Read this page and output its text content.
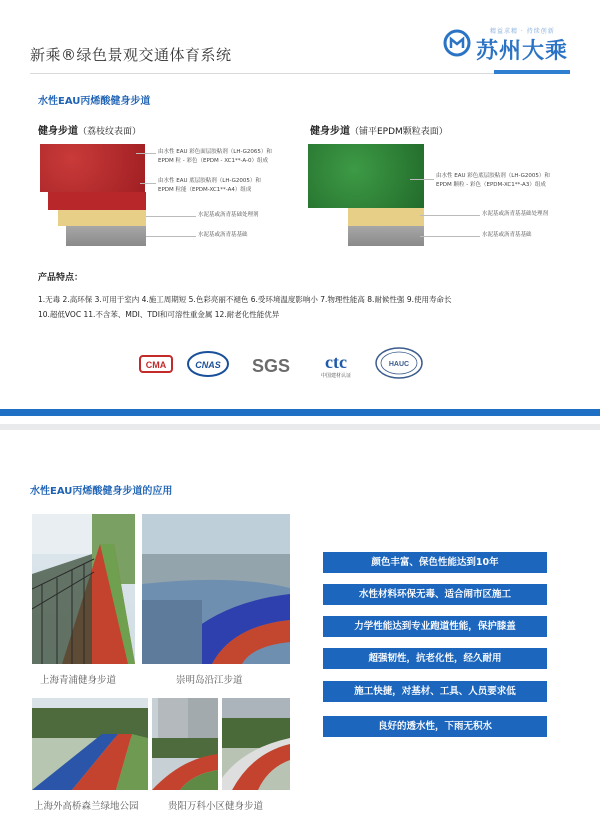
新乘®绿色景观交通体育系统
精益求精 · 持续创新
苏州大乘
水性EAU丙烯酸健身步道
健身步道（荔枝纹表面）
由水性 EAU 彩色面层胶粘剂（LH-G2065）和
EPDM 粒 - 彩色（EPDM - XC1**-A-0）组成
由水性 EAU 底层胶粘剂（LH-G2005）和
EPDM 粒能（EPDM-XC1**-A4）组成
水泥基或沥青基础处理剂
水泥基或沥青基基础
健身步道（铺平EPDM颗粒表面）
由水性 EAU 彩色底层胶粘剂（LH-G2005）和
EPDM 颗粒 - 彩色（EPDM-XC1**-A3）组成
水泥基或沥青基基础处理剂
水泥基或沥青基基础
产品特点：
1.无毒 2.高环保 3.可用于室内 4.施工周期短 5.色彩亮丽不褪色 6.受环境温度影响小 7.物理性能高 8.耐候性强 9.使用寿命长
10.超低VOC 11.不含苯、MDI、TDI和可溶性重金属 12.耐老化性能优异
CMA	CNAS SGS ctc
中国建材认证
HAUC
水性EAU丙烯酸健身步道的应用
上海青浦健身步道	崇明岛沿江步道
上海外高桥森兰绿地公园	贵阳万科小区健身步道
颜色丰富、保色性能达到10年
水性材料环保无毒、适合闹市区施工
力学性能达到专业跑道性能，保护膝盖
超强韧性，抗老化性，经久耐用
施工快捷，对基材、工具、人员要求低
良好的透水性，下雨无积水
